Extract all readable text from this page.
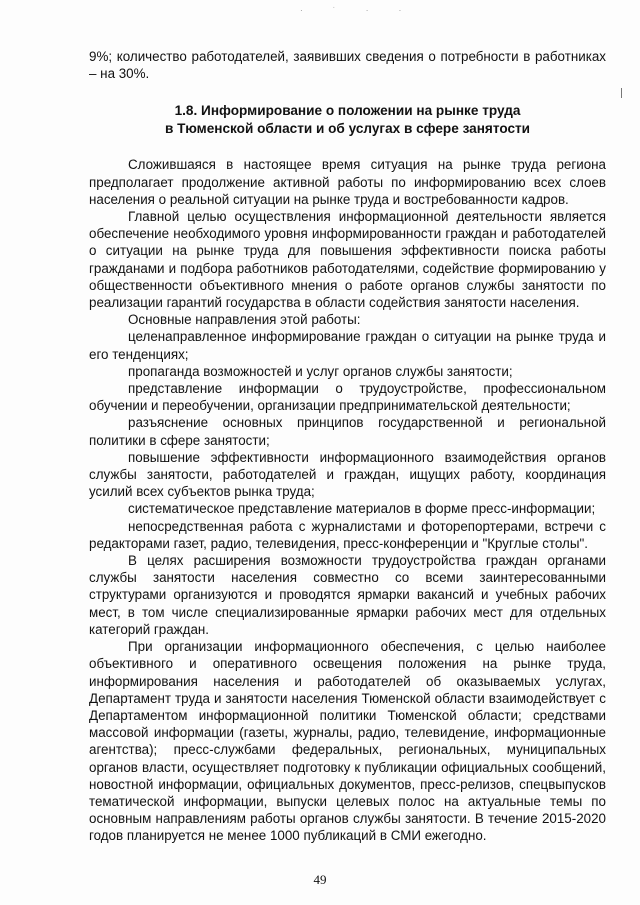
· ˙ · ·

9%; количество работодателей, заявивших сведения о потребности в работниках – на 30%.

1.8. Информирование о положении на рынке труда
в Тюменской области и об услугах в сфере занятости

Сложившаяся в настоящее время ситуация на рынке труда региона предполагает продолжение активной работы по информированию всех слоев населения о реальной ситуации на рынке труда и востребованности кадров.

Главной целью осуществления информационной деятельности является обеспечение необходимого уровня информированности граждан и работодателей о ситуации на рынке труда для повышения эффективности поиска работы гражданами и подбора работников работодателями, содействие формированию у общественности объективного мнения о работе органов службы занятости по реализации гарантий государства в области содействия занятости населения.

Основные направления этой работы:

целенаправленное информирование граждан о ситуации на рынке труда и его тенденциях;

пропаганда возможностей и услуг органов службы занятости;

представление информации о трудоустройстве, профессиональном обучении и переобучении, организации предпринимательской деятельности;

разъяснение основных принципов государственной и региональной политики в сфере занятости;

повышение эффективности информационного взаимодействия органов службы занятости, работодателей и граждан, ищущих работу, координация усилий всех субъектов рынка труда;

систематическое представление материалов в форме пресс-информации;

непосредственная работа с журналистами и фоторепортерами, встречи с редакторами газет, радио, телевидения, пресс-конференции и "Круглые столы".

В целях расширения возможности трудоустройства граждан органами службы занятости населения совместно со всеми заинтересованными структурами организуются и проводятся ярмарки вакансий и учебных рабочих мест, в том числе специализированные ярмарки рабочих мест для отдельных категорий граждан.

При организации информационного обеспечения, с целью наиболее объективного и оперативного освещения положения на рынке труда, информирования населения и работодателей об оказываемых услугах, Департамент труда и занятости населения Тюменской области взаимодействует с Департаментом информационной политики Тюменской области; средствами массовой информации (газеты, журналы, радио, телевидение, информационные агентства); пресс-службами федеральных, региональных, муниципальных органов власти, осуществляет подготовку к публикации официальных сообщений, новостной информации, официальных документов, пресс-релизов, спецвыпусков тематической информации, выпуски целевых полос на актуальные темы по основным направлениям работы органов службы занятости. В течение 2015-2020 годов планируется не менее 1000 публикаций в СМИ ежегодно.

49
